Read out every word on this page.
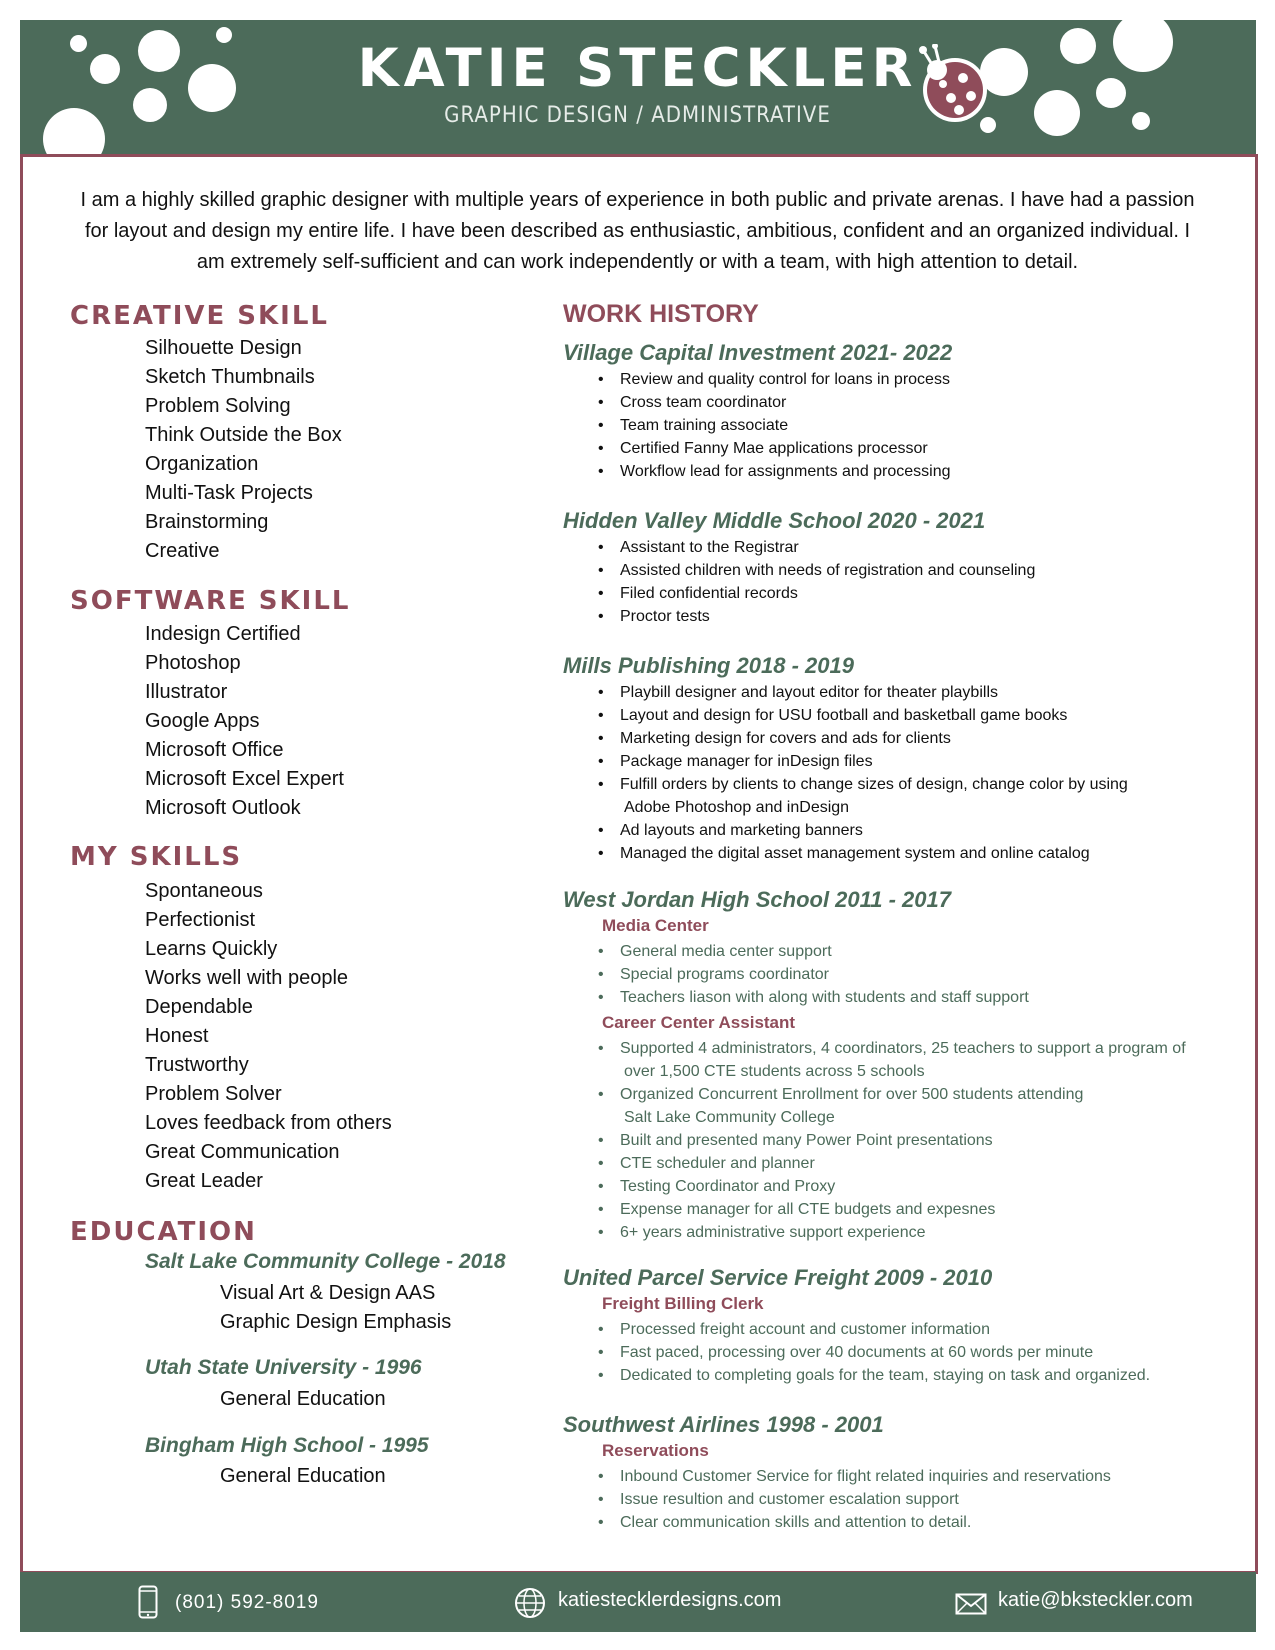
KATIE STECKLER
GRAPHIC DESIGN / ADMINISTRATIVE

I am a highly skilled graphic designer with multiple years of experience in both public and private arenas. I have had a passion for layout and design my entire life. I have been described as enthusiastic, ambitious, confident and an organized individual. I am extremely self-sufficient and can work independently or with a team, with high attention to detail.

CREATIVE SKILL
Silhouette Design
Sketch Thumbnails
Problem Solving
Think Outside the Box
Organization
Multi-Task Projects
Brainstorming
Creative
SOFTWARE SKILL
Indesign Certified
Photoshop
Illustrator
Google Apps
Microsoft Office
Microsoft Excel Expert
Microsoft Outlook
MY SKILLS
Spontaneous
Perfectionist
Learns Quickly
Works well with people
Dependable
Honest
Trustworthy
Problem Solver
Loves feedback from others
Great Communication
Great Leader
EDUCATION
Salt Lake Community College - 2018
Visual Art & Design AAS
Graphic Design Emphasis
Utah State University - 1996
General Education
Bingham High School - 1995
General Education
WORK HISTORY
Village Capital Investment 2021- 2022
• Review and quality control for loans in process
• Cross team coordinator
• Team training associate
• Certified Fanny Mae applications processor
• Workflow lead for assignments and processing
Hidden Valley Middle School 2020 - 2021
• Assistant to the Registrar
• Assisted children with needs of registration and counseling
• Filed confidential records
• Proctor tests
Mills Publishing 2018 - 2019
• Playbill designer and layout editor for theater playbills
• Layout and design for USU football and basketball game books
• Marketing design for covers and ads for clients
• Package manager for inDesign files
• Fulfill orders by clients to change sizes of design, change color by using
Adobe Photoshop and inDesign
• Ad layouts and marketing banners
• Managed the digital asset management system and online catalog
West Jordan High School 2011 - 2017
Media Center
• General media center support
• Special programs coordinator
• Teachers liason with along with students and staff support
Career Center Assistant
• Supported 4 administrators, 4 coordinators, 25 teachers to support a program of
over 1,500 CTE students across 5 schools
• Organized Concurrent Enrollment for over 500 students attending
Salt Lake Community College
• Built and presented many Power Point presentations
• CTE scheduler and planner
• Testing Coordinator and Proxy
• Expense manager for all CTE budgets and expesnes
• 6+ years administrative support experience
United Parcel Service Freight 2009 - 2010
Freight Billing Clerk
• Processed freight account and customer information
• Fast paced, processing over 40 documents at 60 words per minute
• Dedicated to completing goals for the team, staying on task and organized.
Southwest Airlines 1998 - 2001
Reservations
• Inbound Customer Service for flight related inquiries and reservations
• Issue resultion and customer escalation support
• Clear communication skills and attention to detail.
(801) 592-8019	katiestecklerdesigns.com	katie@bksteckler.com
